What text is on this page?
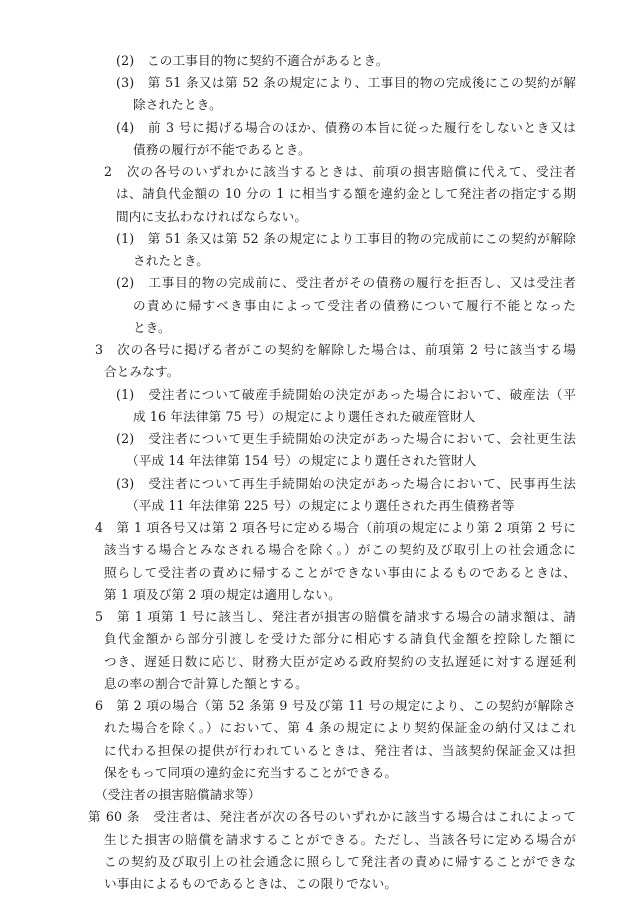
(2)　この工事目的物に契約不適合があるとき。
(3)　第 51 条又は第 52 条の規定により、工事目的物の完成後にこの契約が解
除されたとき。
(4)　前 3 号に掲げる場合のほか、債務の本旨に従った履行をしないとき又は
債務の履行が不能であるとき。
2　次の各号のいずれかに該当するときは、前項の損害賠償に代えて、受注者
は、請負代金額の 10 分の 1 に相当する額を違約金として発注者の指定する期
間内に支払わなければならない。
(1)　第 51 条又は第 52 条の規定により工事目的物の完成前にこの契約が解除
されたとき。
(2)　工事目的物の完成前に、受注者がその債務の履行を拒否し、又は受注者
の責めに帰すべき事由によって受注者の債務について履行不能となった
とき。
3　次の各号に掲げる者がこの契約を解除した場合は、前項第 2 号に該当する場
合とみなす。
(1)　受注者について破産手続開始の決定があった場合において、破産法（平
成 16 年法律第 75 号）の規定により選任された破産管財人
(2)　受注者について更生手続開始の決定があった場合において、会社更生法
（平成 14 年法律第 154 号）の規定により選任された管財人
(3)　受注者について再生手続開始の決定があった場合において、民事再生法
（平成 11 年法律第 225 号）の規定により選任された再生債務者等
4　第 1 項各号又は第 2 項各号に定める場合（前項の規定により第 2 項第 2 号に
該当する場合とみなされる場合を除く。）がこの契約及び取引上の社会通念に
照らして受注者の責めに帰することができない事由によるものであるときは、
第 1 項及び第 2 項の規定は適用しない。
5　第 1 項第 1 号に該当し、発注者が損害の賠償を請求する場合の請求額は、請
負代金額から部分引渡しを受けた部分に相応する請負代金額を控除した額に
つき、遅延日数に応じ、財務大臣が定める政府契約の支払遅延に対する遅延利
息の率の割合で計算した額とする。
6　第 2 項の場合（第 52 条第 9 号及び第 11 号の規定により、この契約が解除さ
れた場合を除く。）において、第 4 条の規定により契約保証金の納付又はこれ
に代わる担保の提供が行われているときは、発注者は、当該契約保証金又は担
保をもって同項の違約金に充当することができる。
（受注者の損害賠償請求等）
第 60 条　受注者は、発注者が次の各号のいずれかに該当する場合はこれによって
生じた損害の賠償を請求することができる。ただし、当該各号に定める場合が
この契約及び取引上の社会通念に照らして発注者の責めに帰することができな
い事由によるものであるときは、この限りでない。
